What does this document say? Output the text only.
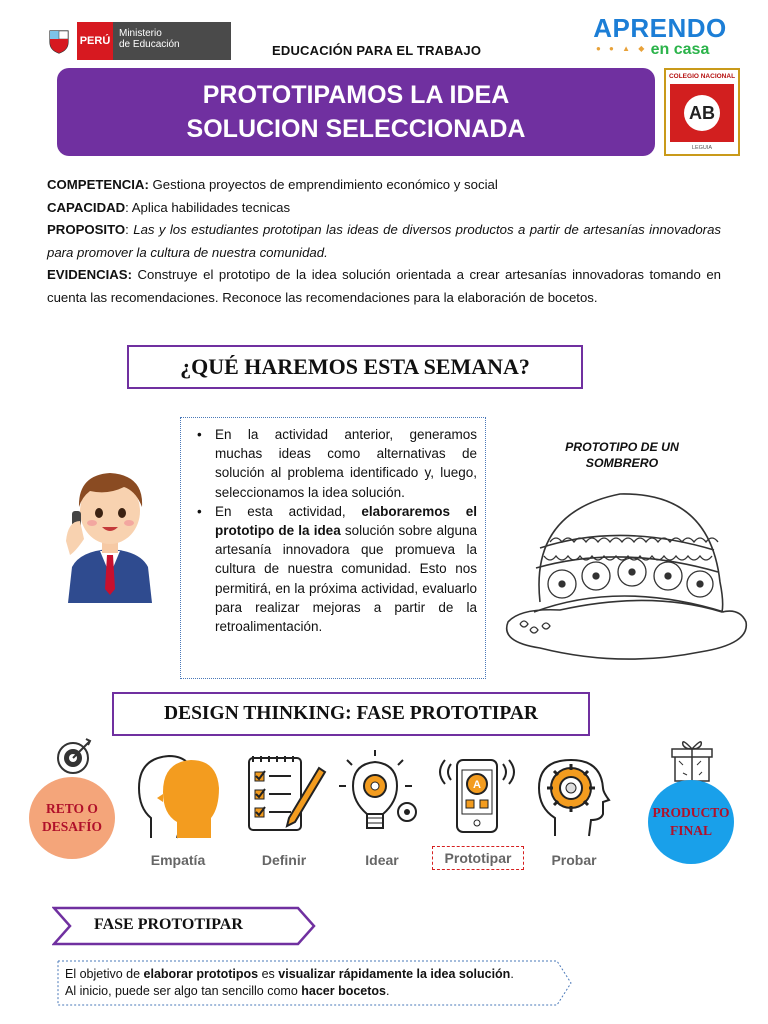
PERÚ
Ministerio
de Educación	EDUCACIÓN PARA EL TRABAJO
APRENDO
● ● ▲ ◆ en casa
PROTOTIPAMOS LA IDEA SOLUCION SELECCIONADA
COLEGIO NACIONAL
AB
LEGUIA

COMPETENCIA: Gestiona proyectos de emprendimiento económico y social

CAPACIDAD: Aplica habilidades tecnicas

PROPOSITO: Las y los estudiantes prototipan las ideas de diversos productos a partir de artesanías innovadoras para promover la cultura de nuestra comunidad.

EVIDENCIAS: Construye el prototipo de la idea solución orientada a crear artesanías innovadoras tomando en cuenta las recomendaciones. Reconoce las recomendaciones para la elaboración de bocetos.

¿QUÉ HAREMOS ESTA SEMANA?
• En la actividad anterior, generamos muchas ideas como alternativas de solución al problema identificado y, luego, seleccionamos la idea solución.
• En esta actividad, elaboraremos el prototipo de la idea solución sobre alguna artesanía innovadora que promueva la cultura de nuestra comunidad. Esto nos permitirá, en la próxima actividad, evaluarlo para realizar mejoras a partir de la retroalimentación.
PROTOTIPO DE UN SOMBRERO
DESIGN THINKING: FASE PROTOTIPAR
RETO O DESAFÍO
Empatía	Definir	Idear
A
Prototipar	Probar
PRODUCTO FINAL
FASE PROTOTIPAR

El objetivo de elaborar prototipos es visualizar rápidamente la idea solución.
Al inicio, puede ser algo tan sencillo como hacer bocetos.
